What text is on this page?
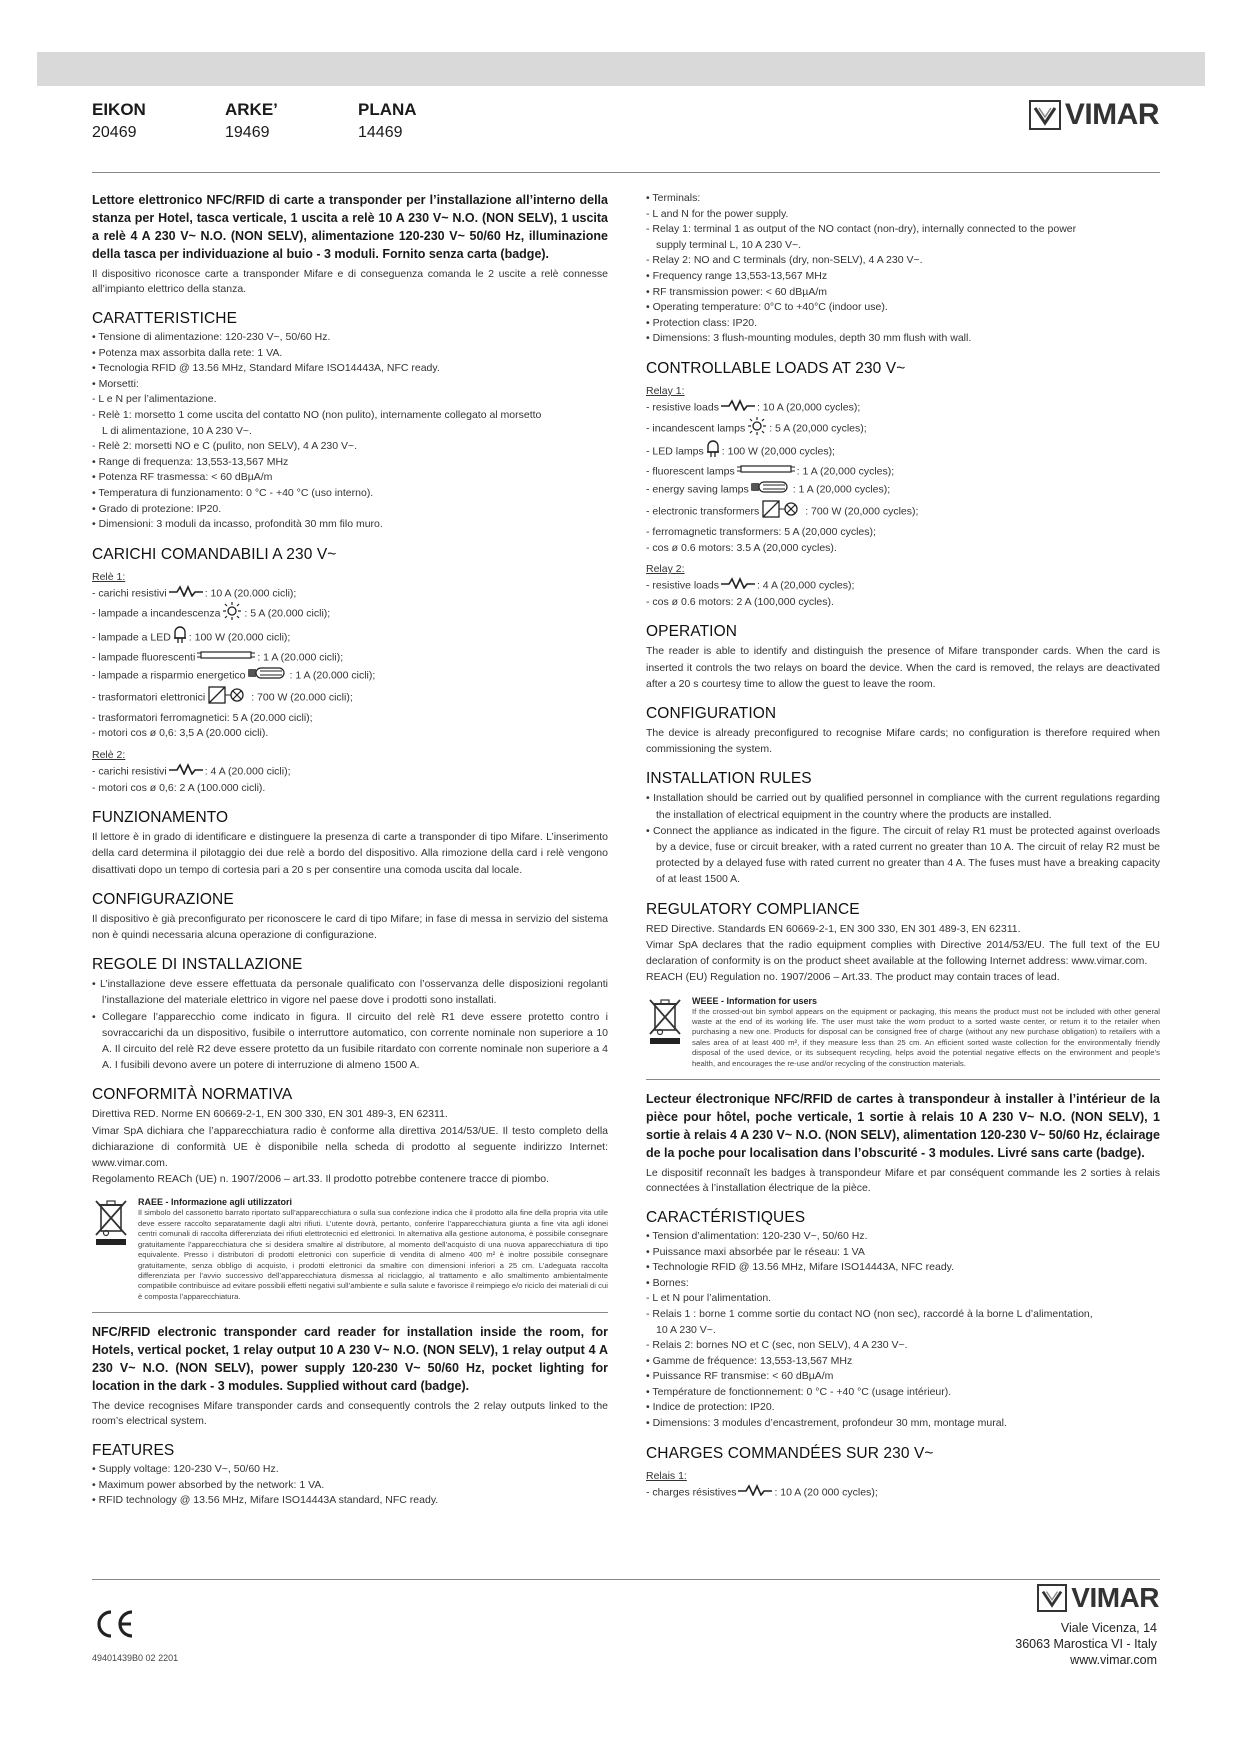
EIKON
20469
ARKE’
19469
PLANA
14469
VIMAR
Lettore elettronico NFC/RFID di carte a transponder per l’installazione all’interno della stanza per Hotel, tasca verticale, 1 uscita a relè 10 A 230 V~ N.O. (NON SELV), 1 uscita a relè 4 A 230 V~ N.O. (NON SELV), alimentazione 120-230 V~ 50/60 Hz, illuminazione della tasca per individuazione al buio - 3 moduli. Fornito senza carta (badge).
Il dispositivo riconosce carte a transponder Mifare e di conseguenza comanda le 2 uscite a relè connesse all’impianto elettrico della stanza.
CARATTERISTICHE
• Tensione di alimentazione: 120-230 V~, 50/60 Hz.
• Potenza max assorbita dalla rete: 1 VA.
• Tecnologia RFID @ 13.56 MHz, Standard Mifare ISO14443A, NFC ready.
• Morsetti:
- L e N per l’alimentazione.
- Relè 1: morsetto 1 come uscita del contatto NO (non pulito), internamente collegato al morsetto
L di alimentazione, 10 A 230 V~.
- Relè 2: morsetti NO e C (pulito, non SELV), 4 A 230 V~.
• Range di frequenza: 13,553-13,567 MHz
• Potenza RF trasmessa: < 60 dBµA/m
• Temperatura di funzionamento: 0 °C - +40 °C (uso interno).
• Grado di protezione: IP20.
• Dimensioni: 3 moduli da incasso, profondità 30 mm filo muro.
CARICHI COMANDABILI A 230 V~
Relè 1:
- carichi resistivi	: 10 A (20.000 cicli);
- lampade a incandescenza : 5 A (20.000 cicli);
- lampade a LED : 100 W (20.000 cicli);
- lampade fluorescenti	: 1 A (20.000 cicli);
- lampade a risparmio energetico	: 1 A (20.000 cicli);
- trasformatori elettronici	: 700 W (20.000 cicli);
- trasformatori ferromagnetici: 5 A (20.000 cicli);
- motori cos ø 0,6: 3,5 A (20.000 cicli).
Relè 2:
- carichi resistivi	: 4 A (20.000 cicli);
- motori cos ø 0,6: 2 A (100.000 cicli).
FUNZIONAMENTO
Il lettore è in grado di identificare e distinguere la presenza di carte a transponder di tipo Mifare. L’inserimento della card determina il pilotaggio dei due relè a bordo del dispositivo. Alla rimozione della card i relè vengono disattivati dopo un tempo di cortesia pari a 20 s per consentire una comoda uscita dal locale.
CONFIGURAZIONE
Il dispositivo è già preconfigurato per riconoscere le card di tipo Mifare; in fase di messa in servizio del sistema non è quindi necessaria alcuna operazione di configurazione.
REGOLE DI INSTALLAZIONE
• L’installazione deve essere effettuata da personale qualificato con l’osservanza delle disposizioni regolanti l’installazione del materiale elettrico in vigore nel paese dove i prodotti sono installati.
• Collegare l’apparecchio come indicato in figura. Il circuito del relè R1 deve essere protetto contro i sovraccarichi da un dispositivo, fusibile o interruttore automatico, con corrente nominale non superiore a 10 A. Il circuito del relè R2 deve essere protetto da un fusibile ritardato con corrente nominale non superiore a 4 A. I fusibili devono avere un potere di interruzione di almeno 1500 A.
CONFORMITÀ NORMATIVA
Direttiva RED. Norme EN 60669-2-1, EN 300 330, EN 301 489-3, EN 62311.
Vimar SpA dichiara che l’apparecchiatura radio è conforme alla direttiva 2014/53/UE. Il testo completo della dichiarazione di conformità UE è disponibile nella scheda di prodotto al seguente indirizzo Internet: www.vimar.com.
Regolamento REACh (UE) n. 1907/2006 – art.33. Il prodotto potrebbe contenere tracce di piombo.
RAEE - Informazione agli utilizzatori
Il simbolo del cassonetto barrato riportato sull’apparecchiatura o sulla sua confezione indica che il prodotto alla fine della propria vita utile deve essere raccolto separatamente dagli altri rifiuti. L’utente dovrà, pertanto, conferire l’apparecchiatura giunta a fine vita agli idonei centri comunali di raccolta differenziata dei rifiuti elettrotecnici ed elettronici. In alternativa alla gestione autonoma, è possibile consegnare gratuitamente l’apparecchiatura che si desidera smaltire al distributore, al momento dell’acquisto di una nuova apparecchiatura di tipo equivalente. Presso i distributori di prodotti elettronici con superficie di vendita di almeno 400 m² è inoltre possibile consegnare gratuitamente, senza obbligo di acquisto, i prodotti elettronici da smaltire con dimensioni inferiori a 25 cm. L’adeguata raccolta differenziata per l’avvio successivo dell’apparecchiatura dismessa al riciclaggio, al trattamento e allo smaltimento ambientalmente compatibile contribuisce ad evitare possibili effetti negativi sull’ambiente e sulla salute e favorisce il reimpiego e/o riciclo dei materiali di cui è composta l’apparecchiatura.
NFC/RFID electronic transponder card reader for installation inside the room, for Hotels, vertical pocket, 1 relay output 10 A 230 V~ N.O. (NON SELV), 1 relay output 4 A 230 V~ N.O. (NON SELV), power supply 120-230 V~ 50/60 Hz, pocket lighting for location in the dark - 3 modules. Supplied without card (badge).
The device recognises Mifare transponder cards and consequently controls the 2 relay outputs linked to the room’s electrical system.
FEATURES
• Supply voltage: 120-230 V~, 50/60 Hz.
• Maximum power absorbed by the network: 1 VA.
• RFID technology @ 13.56 MHz, Mifare ISO14443A standard, NFC ready.
• Terminals:
- L and N for the power supply.
- Relay 1: terminal 1 as output of the NO contact (non-dry), internally connected to the power
supply terminal L, 10 A 230 V~.
- Relay 2: NO and C terminals (dry, non-SELV), 4 A 230 V~.
• Frequency range 13,553-13,567 MHz
• RF transmission power: < 60 dBµA/m
• Operating temperature: 0°C to +40°C (indoor use).
• Protection class: IP20.
• Dimensions: 3 flush-mounting modules, depth 30 mm flush with wall.
CONTROLLABLE LOADS AT 230 V~
Relay 1:
- resistive loads	: 10 A (20,000 cycles);
- incandescent lamps : 5 A (20,000 cycles);
- LED lamps : 100 W (20,000 cycles);
- fluorescent lamps	: 1 A (20,000 cycles);
- energy saving lamps	: 1 A (20,000 cycles);
- electronic transformers	: 700 W (20,000 cycles);
- ferromagnetic transformers: 5 A (20,000 cycles);
- cos ø 0.6 motors: 3.5 A (20,000 cycles).
Relay 2:
- resistive loads	: 4 A (20,000 cycles);
- cos ø 0.6 motors: 2 A (100,000 cycles).
OPERATION
The reader is able to identify and distinguish the presence of Mifare transponder cards. When the card is inserted it controls the two relays on board the device. When the card is removed, the relays are deactivated after a 20 s courtesy time to allow the guest to leave the room.
CONFIGURATION
The device is already preconfigured to recognise Mifare cards; no configuration is therefore required when commissioning the system.
INSTALLATION RULES
• Installation should be carried out by qualified personnel in compliance with the current regulations regarding the installation of electrical equipment in the country where the products are installed.
• Connect the appliance as indicated in the figure. The circuit of relay R1 must be protected against overloads by a device, fuse or circuit breaker, with a rated current no greater than 10 A. The circuit of relay R2 must be protected by a delayed fuse with rated current no greater than 4 A. The fuses must have a breaking capacity of at least 1500 A.
REGULATORY COMPLIANCE
RED Directive. Standards EN 60669-2-1, EN 300 330, EN 301 489-3, EN 62311.
Vimar SpA declares that the radio equipment complies with Directive 2014/53/EU. The full text of the EU declaration of conformity is on the product sheet available at the following Internet address: www.vimar.com.
REACH (EU) Regulation no. 1907/2006 – Art.33. The product may contain traces of lead.
WEEE - Information for users
If the crossed-out bin symbol appears on the equipment or packaging, this means the product must not be included with other general waste at the end of its working life. The user must take the worn product to a sorted waste center, or return it to the retailer when purchasing a new one. Products for disposal can be consigned free of charge (without any new purchase obligation) to retailers with a sales area of at least 400 m², if they measure less than 25 cm. An efficient sorted waste collection for the environmentally friendly disposal of the used device, or its subsequent recycling, helps avoid the potential negative effects on the environment and people’s health, and encourages the re-use and/or recycling of the construction materials.
Lecteur électronique NFC/RFID de cartes à transpondeur à installer à l’intérieur de la pièce pour hôtel, poche verticale, 1 sortie à relais 10 A 230 V~ N.O. (NON SELV), 1 sortie à relais 4 A 230 V~ N.O. (NON SELV), alimentation 120-230 V~ 50/60 Hz, éclairage de la poche pour localisation dans l’obscurité - 3 modules. Livré sans carte (badge).
Le dispositif reconnaît les badges à transpondeur Mifare et par conséquent commande les 2 sorties à relais connectées à l’installation électrique de la pièce.
CARACTÉRISTIQUES
• Tension d’alimentation: 120-230 V~, 50/60 Hz.
• Puissance maxi absorbée par le réseau: 1 VA
• Technologie RFID @ 13.56 MHz, Mifare ISO14443A, NFC ready.
• Bornes:
- L et N pour l’alimentation.
- Relais 1 : borne 1 comme sortie du contact NO (non sec), raccordé à la borne L d’alimentation,
10 A 230 V~.
- Relais 2: bornes NO et C (sec, non SELV), 4 A 230 V~.
• Gamme de fréquence: 13,553-13,567 MHz
• Puissance RF transmise: < 60 dBµA/m
• Température de fonctionnement: 0 °C - +40 °C (usage intérieur).
• Indice de protection: IP20.
• Dimensions: 3 modules d’encastrement, profondeur 30 mm, montage mural.
CHARGES COMMANDÉES SUR 230 V~
Relais 1:
- charges résistives	: 10 A (20 000 cycles);
49401439B0 02 2201
VIMAR
Viale Vicenza, 14
36063 Marostica VI - Italy
www.vimar.com
